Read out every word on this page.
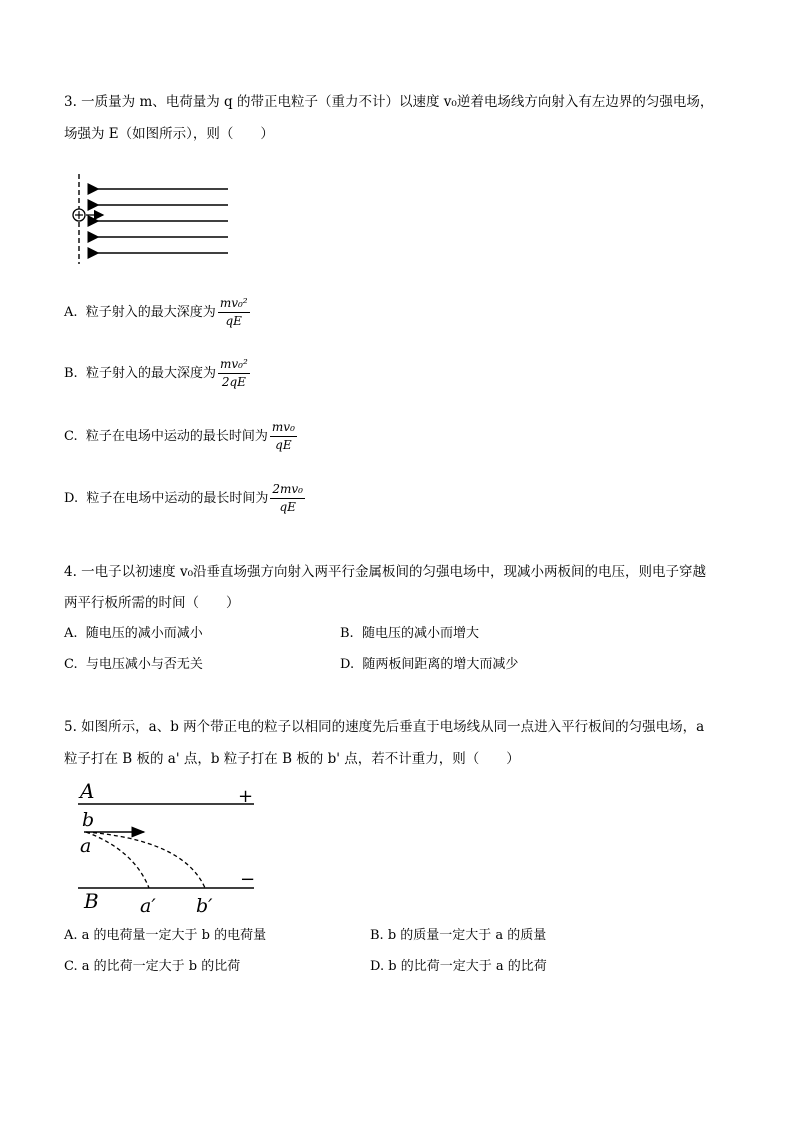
3. 一质量为 m、电荷量为 q 的带正电粒子（重力不计）以速度 v₀逆着电场线方向射入有左边界的匀强电场，
场强为 E（如图所示），则（　　）
A. 粒子射入的最大深度为 $\frac{\text{mv₀²}}{qE}$
B. 粒子射入的最大深度为 $\frac{\text{mv₀²}}{2qE}$
C. 粒子在电场中运动的最长时间为 $\frac{\text{mv₀}}{qE}$
D. 粒子在电场中运动的最长时间为 $\frac{\text{2mv₀}}{qE}$
4. 一电子以初速度 v₀沿垂直场强方向射入两平行金属板间的匀强电场中，现减小两板间的电压，则电子穿越
两平行板所需的时间（　　）
A. 随电压的减小而减小	B. 随电压的减小而增大
C. 与电压减小与否无关	D. 随两板间距离的增大而减少
5. 如图所示，a、b 两个带正电的粒子以相同的速度先后垂直于电场线从同一点进入平行板间的匀强电场，a
粒子打在 B 板的 a' 点，b 粒子打在 B 板的 b' 点，若不计重力，则（　　）
A	+
b
a
−
B a′ b′
A. a 的电荷量一定大于 b 的电荷量	B. b 的质量一定大于 a 的质量
C. a 的比荷一定大于 b 的比荷	D. b 的比荷一定大于 a 的比荷
